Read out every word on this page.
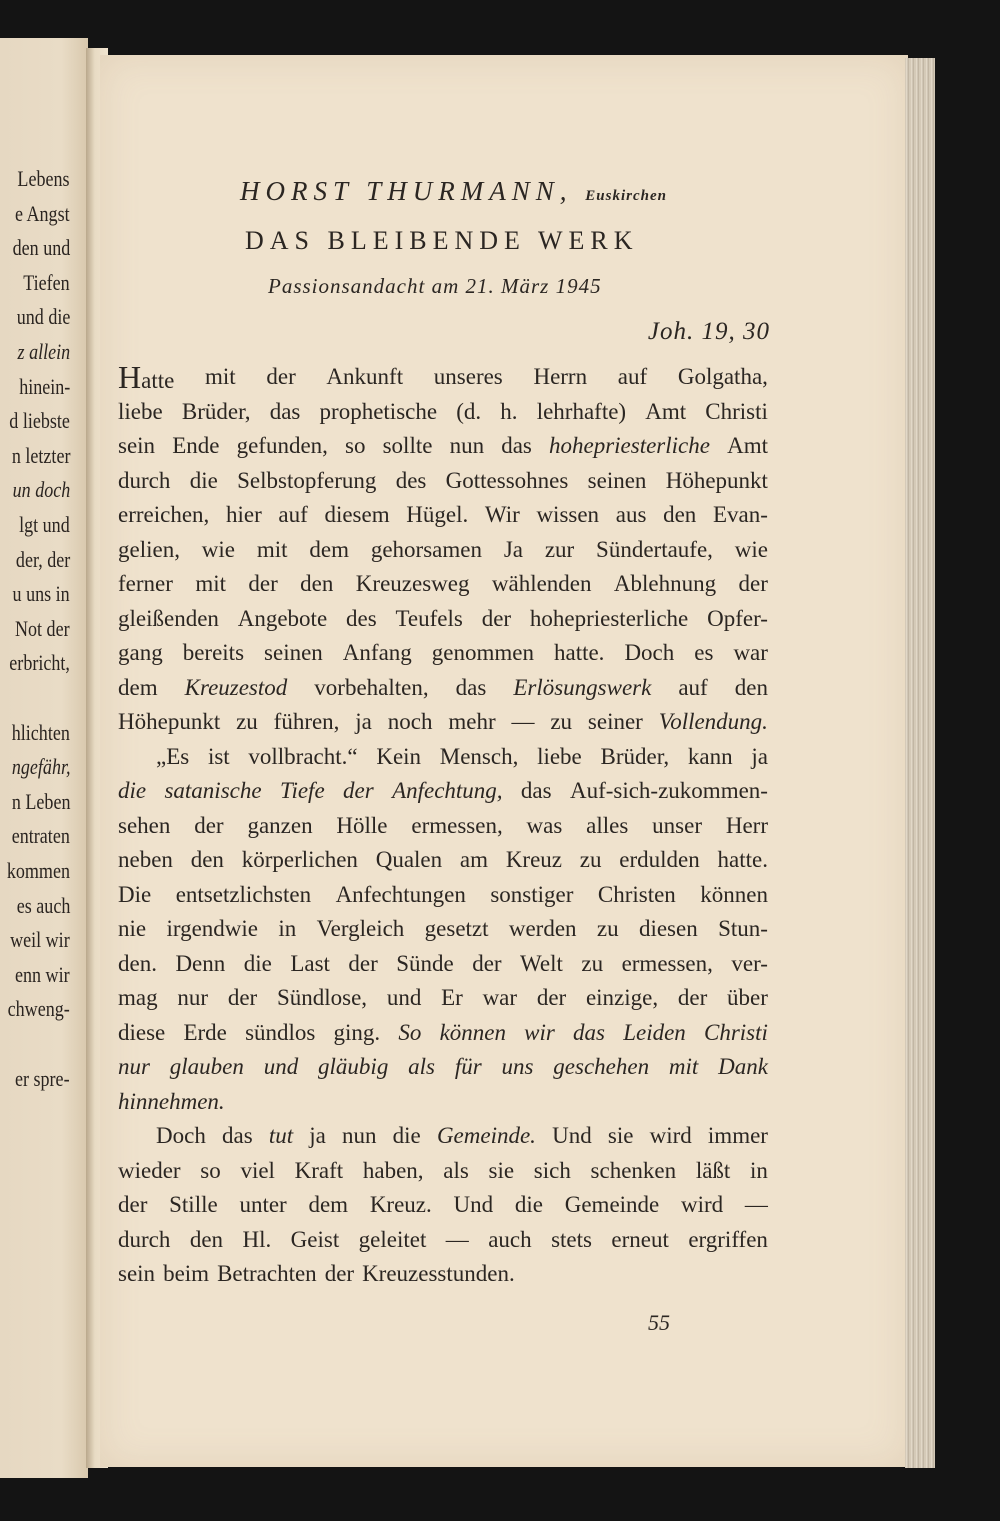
Lebens
e Angst
den und
Tiefen
und die
z allein
hinein-
d liebste
n letzter
un doch
lgt und
der, der
u uns in
Not der
erbricht,
hlichten
ngefähr,
n Leben
entraten
kommen
es auch
weil wir
enn wir
chweng-
er spre-
HORST THURMANN, Euskirchen
DAS BLEIBENDE WERK
Passionsandacht am 21. März 1945
Joh. 19, 30
Hatte mit der Ankunft unseres Herrn auf Golgatha,
liebe Brüder, das prophetische (d. h. lehrhafte) Amt Christi
sein Ende gefunden, so sollte nun das hohepriesterliche Amt
durch die Selbstopferung des Gottessohnes seinen Höhepunkt
erreichen, hier auf diesem Hügel. Wir wissen aus den Evan-
gelien, wie mit dem gehorsamen Ja zur Sündertaufe, wie
ferner mit der den Kreuzesweg wählenden Ablehnung der
gleißenden Angebote des Teufels der hohepriesterliche Opfer-
gang bereits seinen Anfang genommen hatte. Doch es war
dem Kreuzestod vorbehalten, das Erlösungswerk auf den
Höhepunkt zu führen, ja noch mehr — zu seiner Vollendung.
„Es ist vollbracht.“ Kein Mensch, liebe Brüder, kann ja
die satanische Tiefe der Anfechtung, das Auf-sich-zukommen-
sehen der ganzen Hölle ermessen, was alles unser Herr
neben den körperlichen Qualen am Kreuz zu erdulden hatte.
Die entsetzlichsten Anfechtungen sonstiger Christen können
nie irgendwie in Vergleich gesetzt werden zu diesen Stun-
den. Denn die Last der Sünde der Welt zu ermessen, ver-
mag nur der Sündlose, und Er war der einzige, der über
diese Erde sündlos ging. So können wir das Leiden Christi
nur glauben und gläubig als für uns geschehen mit Dank
hinnehmen.
Doch das tut ja nun die Gemeinde. Und sie wird immer
wieder so viel Kraft haben, als sie sich schenken läßt in
der Stille unter dem Kreuz. Und die Gemeinde wird —
durch den Hl. Geist geleitet — auch stets erneut ergriffen
sein beim Betrachten der Kreuzesstunden.
55
